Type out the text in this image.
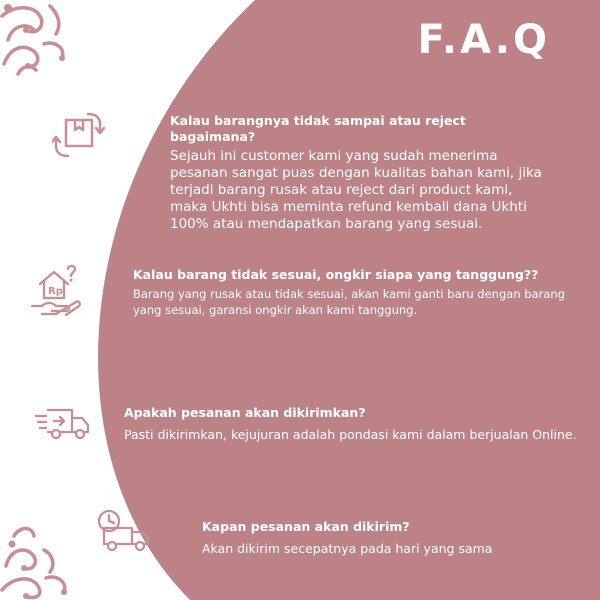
F.A.Q

Kalau barangnya tidak sampai atau reject bagaimana?

Sejauh ini customer kami yang sudah menerima pesanan sangat puas dengan kualitas bahan kami, jika terjadi barang rusak atau reject dari product kami, maka Ukhti bisa meminta refund kembali dana Ukhti 100% atau mendapatkan barang yang sesuai.

Rp

Kalau barang tidak sesuai, ongkir siapa yang tanggung??

Barang yang rusak atau tidak sesuai, akan kami ganti baru dengan barang yang sesuai, garansi ongkir akan kami tanggung.

Apakah pesanan akan dikirimkan?

Pasti dikirimkan, kejujuran adalah pondasi kami dalam berjualan Online.

Kapan pesanan akan dikirim?

Akan dikirim secepatnya pada hari yang sama
